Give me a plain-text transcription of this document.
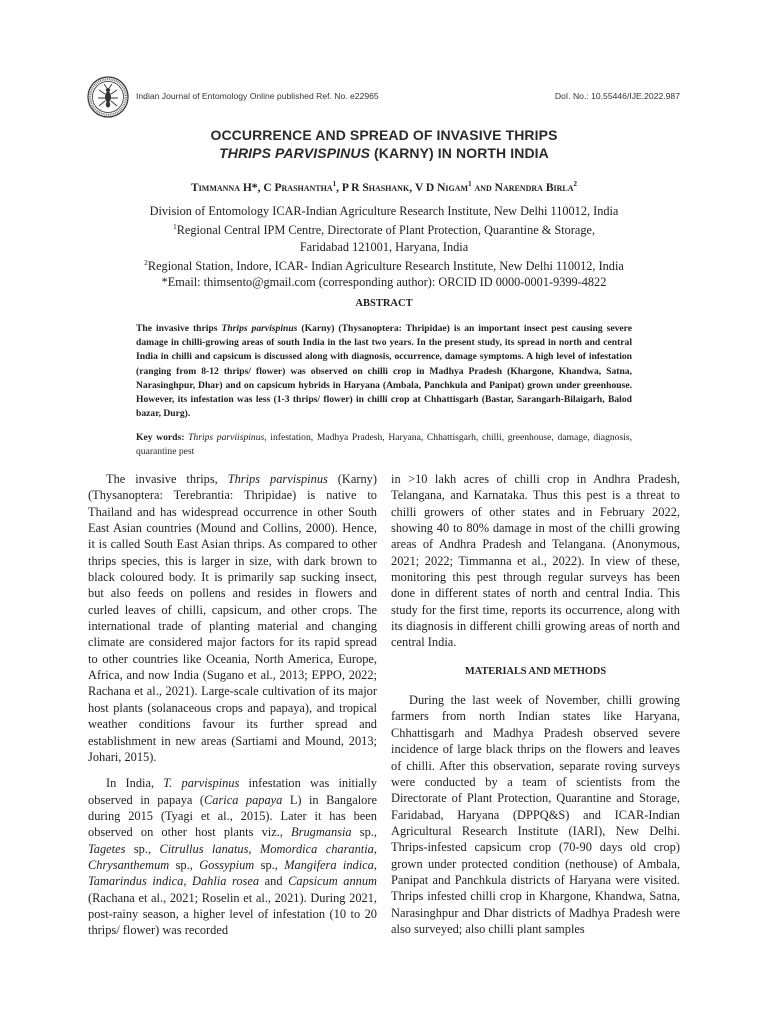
Indian Journal of Entomology Online published Ref. No. e22965	DoI. No.: 10.55446/IJE.2022.987
OCCURRENCE AND SPREAD OF INVASIVE THRIPS
THRIPS PARVISPINUS (KARNY) IN NORTH INDIA
Timmanna H*, C Prashantha$^1$, P R Shashank, V D Nigam$^1$ and Narendra Birla$^2$
Division of Entomology ICAR-Indian Agriculture Research Institute, New Delhi 110012, India
$^1$Regional Central IPM Centre, Directorate of Plant Protection, Quarantine & Storage,
Faridabad 121001, Haryana, India
$^2$Regional Station, Indore, ICAR- Indian Agriculture Research Institute, New Delhi 110012, India
*Email: thimsento@gmail.com (corresponding author): ORCID ID 0000-0001-9399-4822
ABSTRACT
The invasive thrips Thrips parvispinus (Karny) (Thysanoptera: Thripidae) is an important insect pest causing severe damage in chilli-growing areas of south India in the last two years. In the present study, its spread in north and central India in chilli and capsicum is discussed along with diagnosis, occurrence, damage symptoms. A high level of infestation (ranging from 8-12 thrips/ flower) was observed on chilli crop in Madhya Pradesh (Khargone, Khandwa, Satna, Narasinghpur, Dhar) and on capsicum hybrids in Haryana (Ambala, Panchkula and Panipat) grown under greenhouse. However, its infestation was less (1-3 thrips/ flower) in chilli crop at Chhattisgarh (Bastar, Sarangarh-Bilaigarh, Balod bazar, Durg).
Key words: Thrips parviispinus, infestation, Madhya Pradesh, Haryana, Chhattisgarh, chilli, greenhouse, damage, diagnosis, quarantine pest

The invasive thrips, Thrips parvispinus (Karny) (Thysanoptera: Terebrantia: Thripidae) is native to Thailand and has widespread occurrence in other South East Asian countries (Mound and Collins, 2000). Hence, it is called South East Asian thrips. As compared to other thrips species, this is larger in size, with dark brown to black coloured body. It is primarily sap sucking insect, but also feeds on pollens and resides in flowers and curled leaves of chilli, capsicum, and other crops. The international trade of planting material and changing climate are considered major factors for its rapid spread to other countries like Oceania, North America, Europe, Africa, and now India (Sugano et al., 2013; EPPO, 2022; Rachana et al., 2021). Large-scale cultivation of its major host plants (solanaceous crops and papaya), and tropical weather conditions favour its further spread and establishment in new areas (Sartiami and Mound, 2013; Johari, 2015).

In India, T. parvispinus infestation was initially observed in papaya (Carica papaya L) in Bangalore during 2015 (Tyagi et al., 2015). Later it has been observed on other host plants viz., Brugmansia sp., Tagetes sp., Citrullus lanatus, Momordica charantia, Chrysanthemum sp., Gossypium sp., Mangifera indica, Tamarindus indica, Dahlia rosea and Capsicum annum (Rachana et al., 2021; Roselin et al., 2021). During 2021, post-rainy season, a higher level of infestation (10 to 20 thrips/ flower) was recorded

in >10 lakh acres of chilli crop in Andhra Pradesh, Telangana, and Karnataka. Thus this pest is a threat to chilli growers of other states and in February 2022, showing 40 to 80% damage in most of the chilli growing areas of Andhra Pradesh and Telangana. (Anonymous, 2021; 2022; Timmanna et al., 2022). In view of these, monitoring this pest through regular surveys has been done in different states of north and central India. This study for the first time, reports its occurrence, along with its diagnosis in different chilli growing areas of north and central India.

MATERIALS AND METHODS

During the last week of November, chilli growing farmers from north Indian states like Haryana, Chhattisgarh and Madhya Pradesh observed severe incidence of large black thrips on the flowers and leaves of chilli. After this observation, separate roving surveys were conducted by a team of scientists from the Directorate of Plant Protection, Quarantine and Storage, Faridabad, Haryana (DPPQ&S) and ICAR-Indian Agricultural Research Institute (IARI), New Delhi. Thrips-infested capsicum crop (70-90 days old crop) grown under protected condition (nethouse) of Ambala, Panipat and Panchkula districts of Haryana were visited. Thrips infested chilli crop in Khargone, Khandwa, Satna, Narasinghpur and Dhar districts of Madhya Pradesh were also surveyed; also chilli plant samples
